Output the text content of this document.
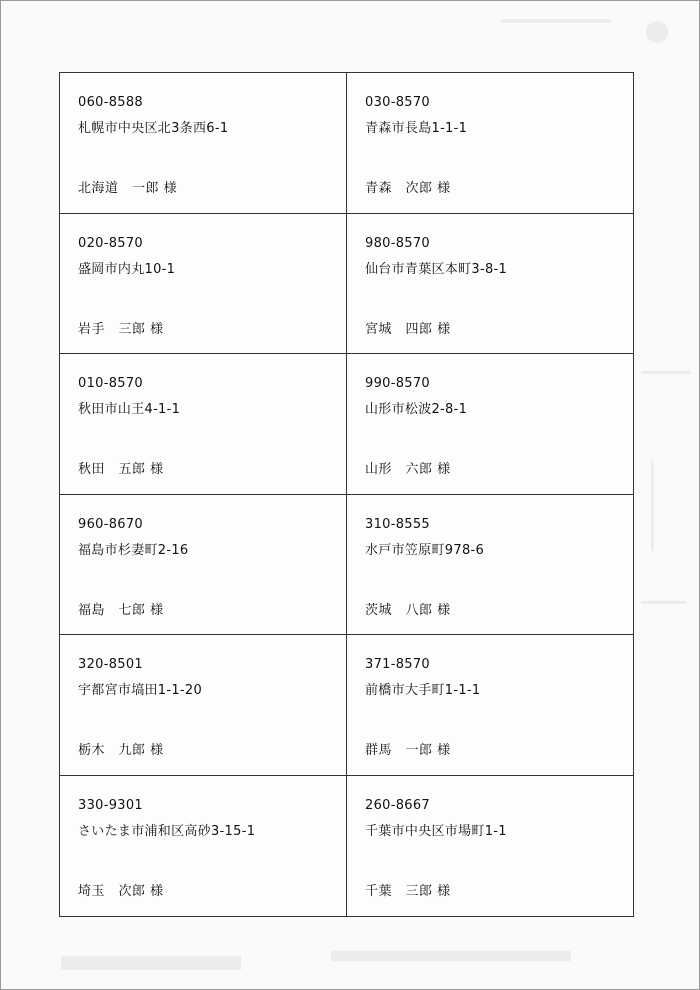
060-8588
札幌市中央区北3条西6-1
北海道　一郎 様
030-8570
青森市長島1-1-1
青森　次郎 様
020-8570
盛岡市内丸10-1
岩手　三郎 様
980-8570
仙台市青葉区本町3-8-1
宮城　四郎 様
010-8570
秋田市山王4-1-1
秋田　五郎 様
990-8570
山形市松波2-8-1
山形　六郎 様
960-8670
福島市杉妻町2-16
福島　七郎 様
310-8555
水戸市笠原町978-6
茨城　八郎 様
320-8501
宇都宮市塙田1-1-20
栃木　九郎 様
371-8570
前橋市大手町1-1-1
群馬　一郎 様
330-9301
さいたま市浦和区高砂3-15-1
埼玉　次郎 様
260-8667
千葉市中央区市場町1-1
千葉　三郎 様
